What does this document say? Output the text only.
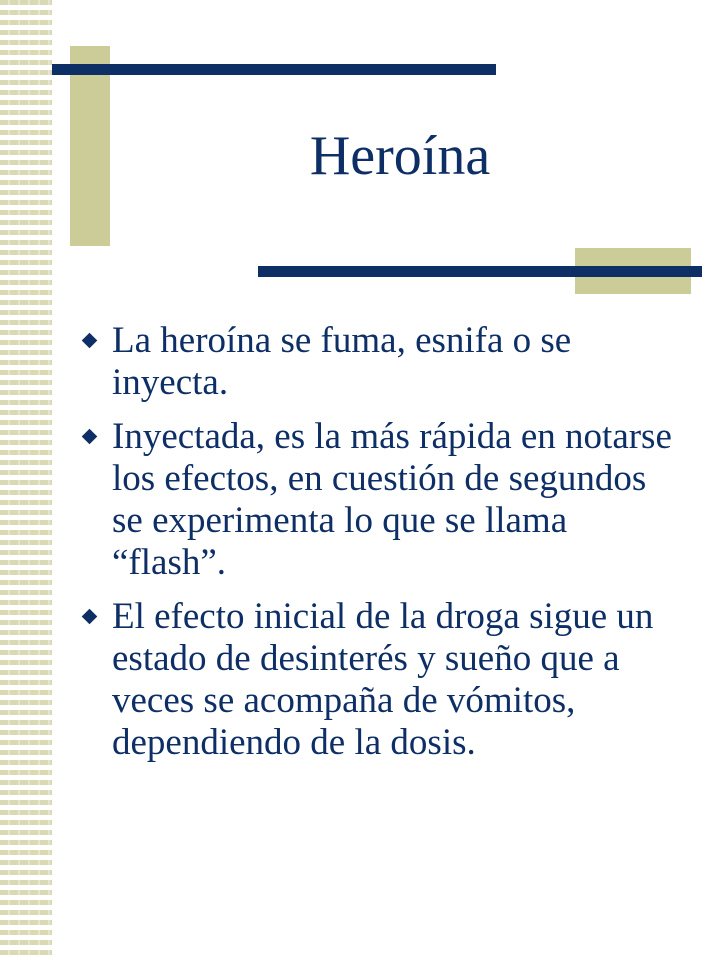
Heroína
La heroína se fuma, esnifa o se inyecta.
Inyectada, es la más rápida en notarse los efectos, en cuestión de segundos se experimenta lo que se llama “flash”.
El efecto inicial de la droga sigue un estado de desinterés y sueño que a veces se acompaña de vómitos, dependiendo de la dosis.
